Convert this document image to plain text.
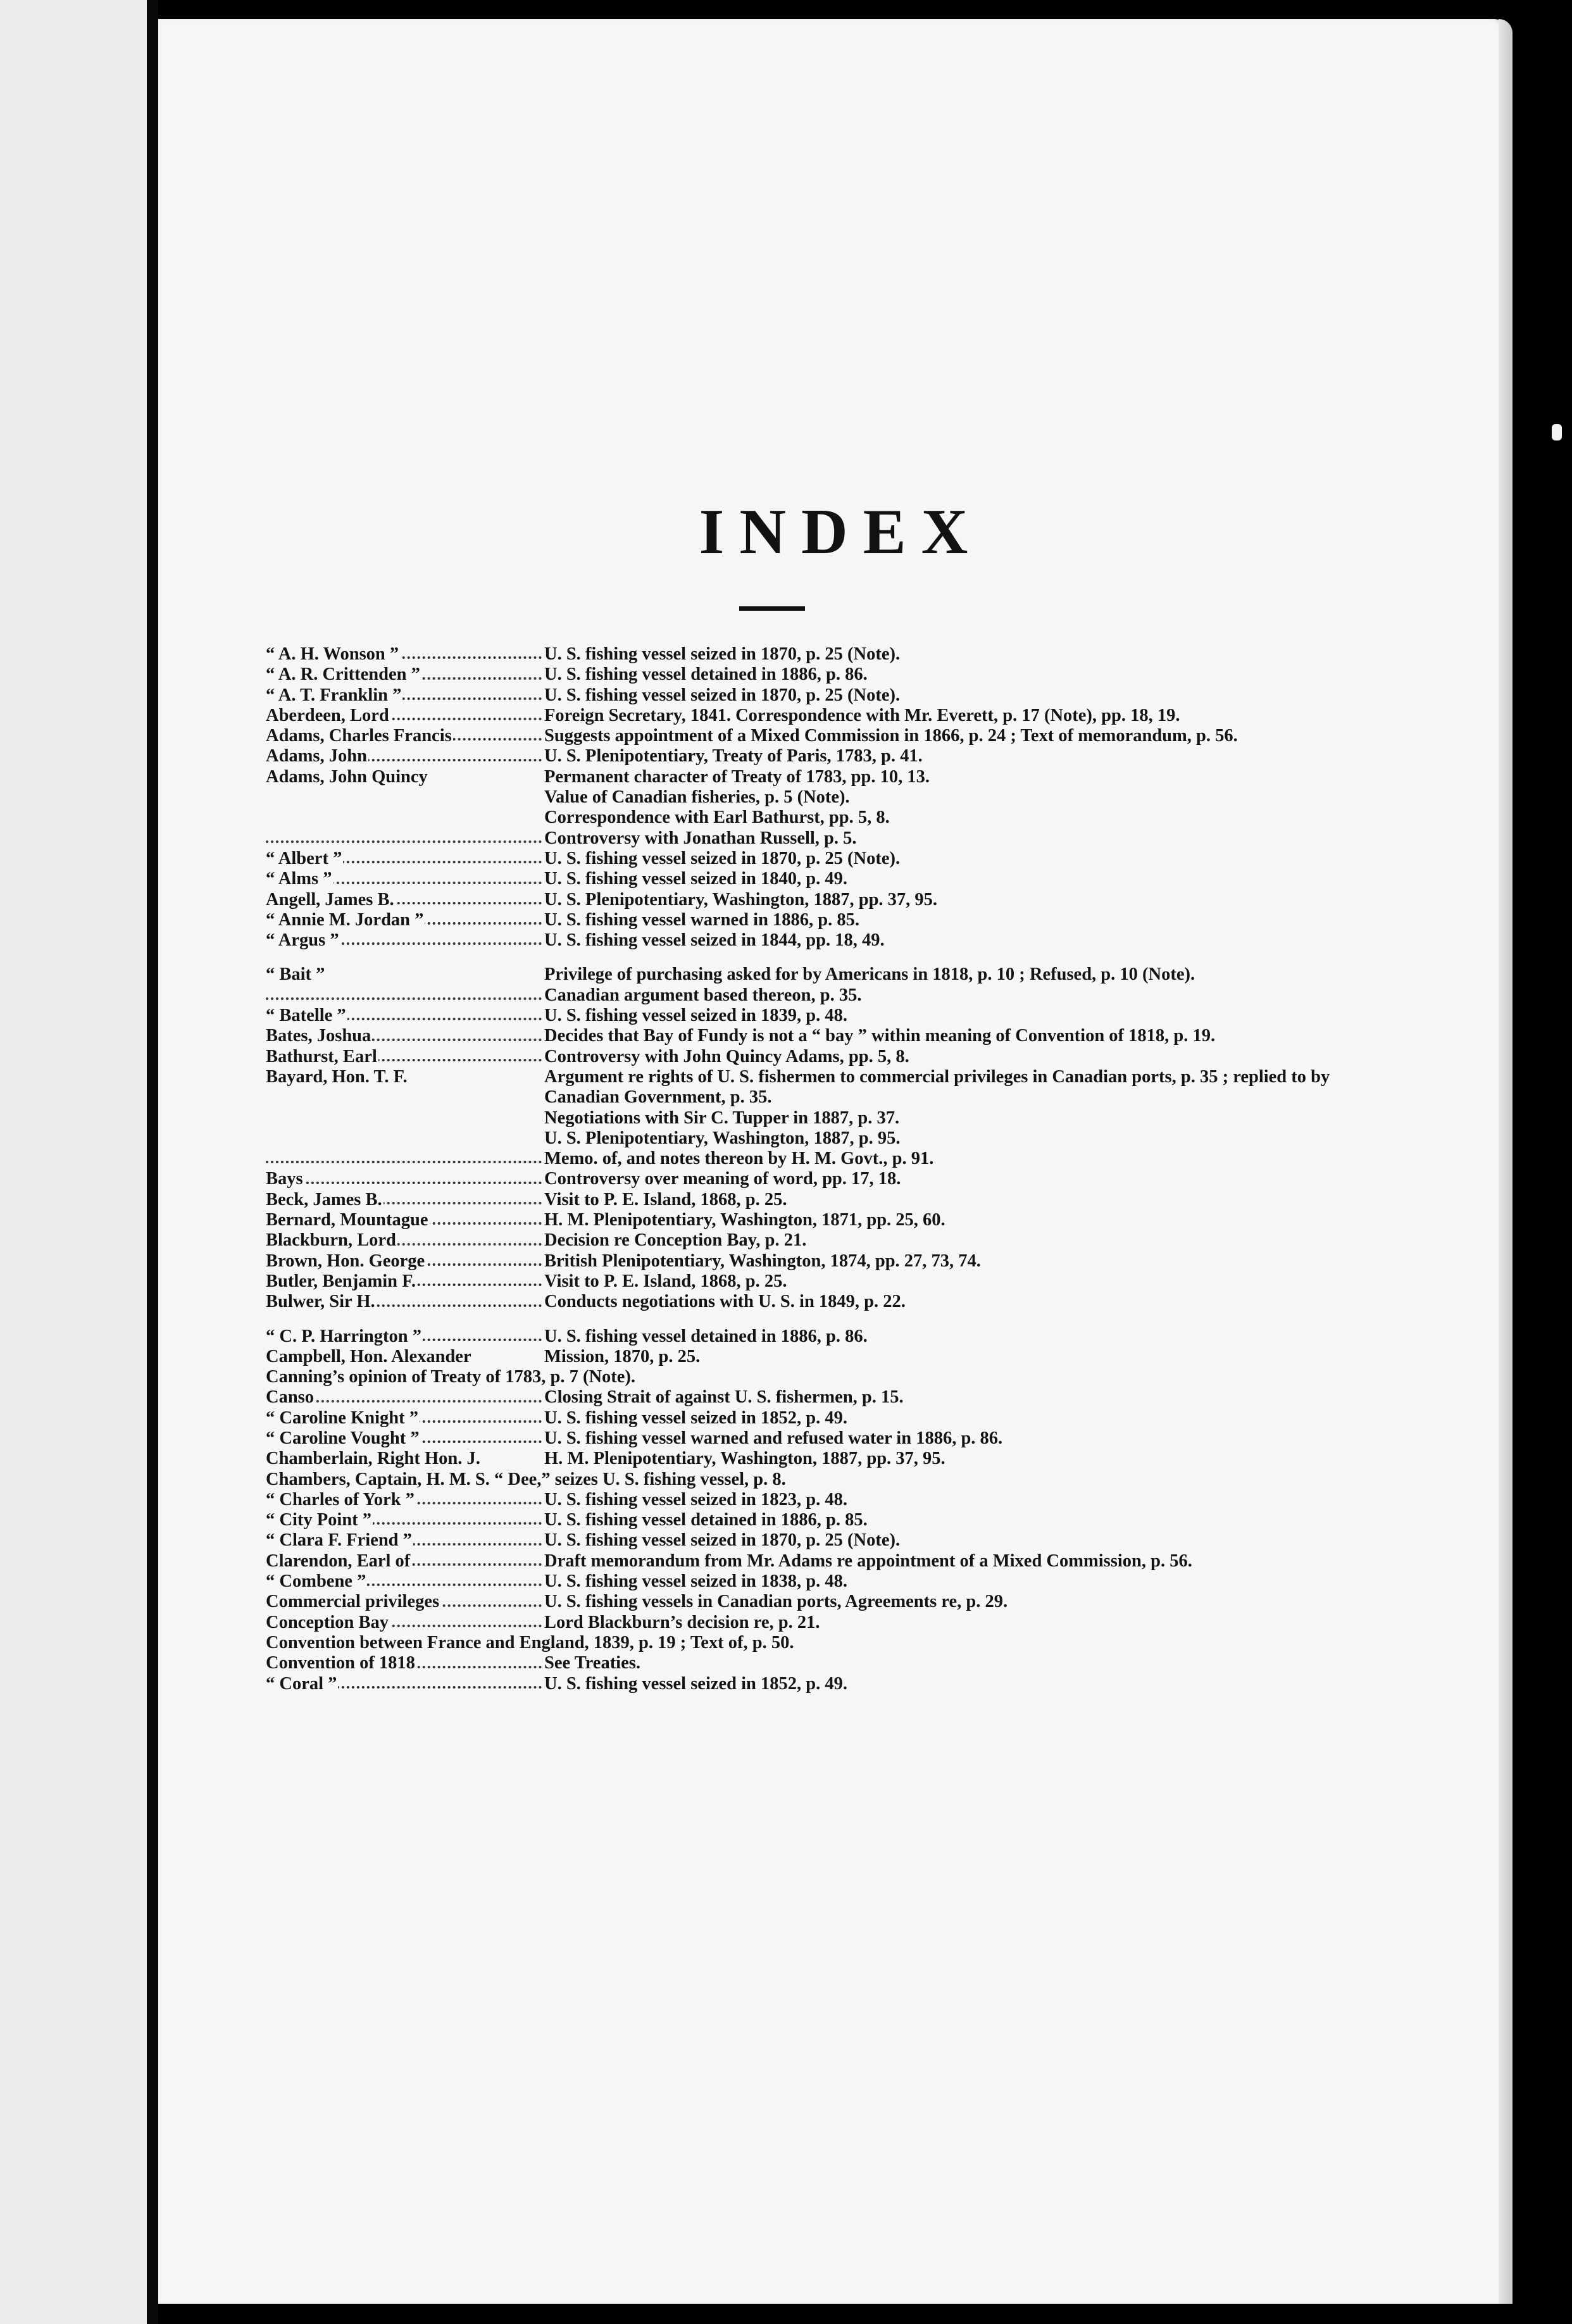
INDEX
“ A. H. Wonson ”	U. S. fishing vessel seized in 1870, p. 25 (Note).
“ A. R. Crittenden ”	U. S. fishing vessel detained in 1886, p. 86.
“ A. T. Franklin ”	U. S. fishing vessel seized in 1870, p. 25 (Note).
Aberdeen, Lord	Foreign Secretary, 1841. Correspondence with Mr. Everett, p. 17 (Note), pp. 18, 19.
Adams, Charles Francis	Suggests appointment of a Mixed Commission in 1866, p. 24 ; Text of memorandum, p. 56.
Adams, John	U. S. Plenipotentiary, Treaty of Paris, 1783, p. 41.
Adams, John Quincy	Permanent character of Treaty of 1783, pp. 10, 13.
Value of Canadian fisheries, p. 5 (Note).
Correspondence with Earl Bathurst, pp. 5, 8.
Controversy with Jonathan Russell, p. 5.
“ Albert ”	U. S. fishing vessel seized in 1870, p. 25 (Note).
“ Alms ”	U. S. fishing vessel seized in 1840, p. 49.
Angell, James B.	U. S. Plenipotentiary, Washington, 1887, pp. 37, 95.
“ Annie M. Jordan ”	U. S. fishing vessel warned in 1886, p. 85.
“ Argus ”	U. S. fishing vessel seized in 1844, pp. 18, 49.
“ Bait ”	Privilege of purchasing asked for by Americans in 1818, p. 10 ; Refused, p. 10 (Note).
Canadian argument based thereon, p. 35.
“ Batelle ”	U. S. fishing vessel seized in 1839, p. 48.
Bates, Joshua	Decides that Bay of Fundy is not a “ bay ” within meaning of Convention of 1818, p. 19.
Bathurst, Earl	Controversy with John Quincy Adams, pp. 5, 8.
Bayard, Hon. T. F.	Argument re rights of U. S. fishermen to commercial privileges in Canadian ports, p. 35 ; replied to by Canadian Government, p. 35.
Negotiations with Sir C. Tupper in 1887, p. 37.
U. S. Plenipotentiary, Washington, 1887, p. 95.
Memo. of, and notes thereon by H. M. Govt., p. 91.
Bays	Controversy over meaning of word, pp. 17, 18.
Beck, James B.	Visit to P. E. Island, 1868, p. 25.
Bernard, Mountague	H. M. Plenipotentiary, Washington, 1871, pp. 25, 60.
Blackburn, Lord	Decision re Conception Bay, p. 21.
Brown, Hon. George	British Plenipotentiary, Washington, 1874, pp. 27, 73, 74.
Butler, Benjamin F.	Visit to P. E. Island, 1868, p. 25.
Bulwer, Sir H.	Conducts negotiations with U. S. in 1849, p. 22.
“ C. P. Harrington ”	U. S. fishing vessel detained in 1886, p. 86.
Campbell, Hon. Alexander	Mission, 1870, p. 25.
Canning’s opinion of Treaty of 1783, p. 7 (Note).
Canso	Closing Strait of against U. S. fishermen, p. 15.
“ Caroline Knight ”	U. S. fishing vessel seized in 1852, p. 49.
“ Caroline Vought ”	U. S. fishing vessel warned and refused water in 1886, p. 86.
Chamberlain, Right Hon. J.	H. M. Plenipotentiary, Washington, 1887, pp. 37, 95.
Chambers, Captain, H. M. S. “ Dee,” seizes U. S. fishing vessel, p. 8.
“ Charles of York ”	U. S. fishing vessel seized in 1823, p. 48.
“ City Point ”	U. S. fishing vessel detained in 1886, p. 85.
“ Clara F. Friend ”	U. S. fishing vessel seized in 1870, p. 25 (Note).
Clarendon, Earl of	Draft memorandum from Mr. Adams re appointment of a Mixed Commission, p. 56.
“ Combene ”	U. S. fishing vessel seized in 1838, p. 48.
Commercial privileges	U. S. fishing vessels in Canadian ports, Agreements re, p. 29.
Conception Bay	Lord Blackburn’s decision re, p. 21.
Convention between France and England, 1839, p. 19 ; Text of, p. 50.
Convention of 1818	See Treaties.
“ Coral ”	U. S. fishing vessel seized in 1852, p. 49.
